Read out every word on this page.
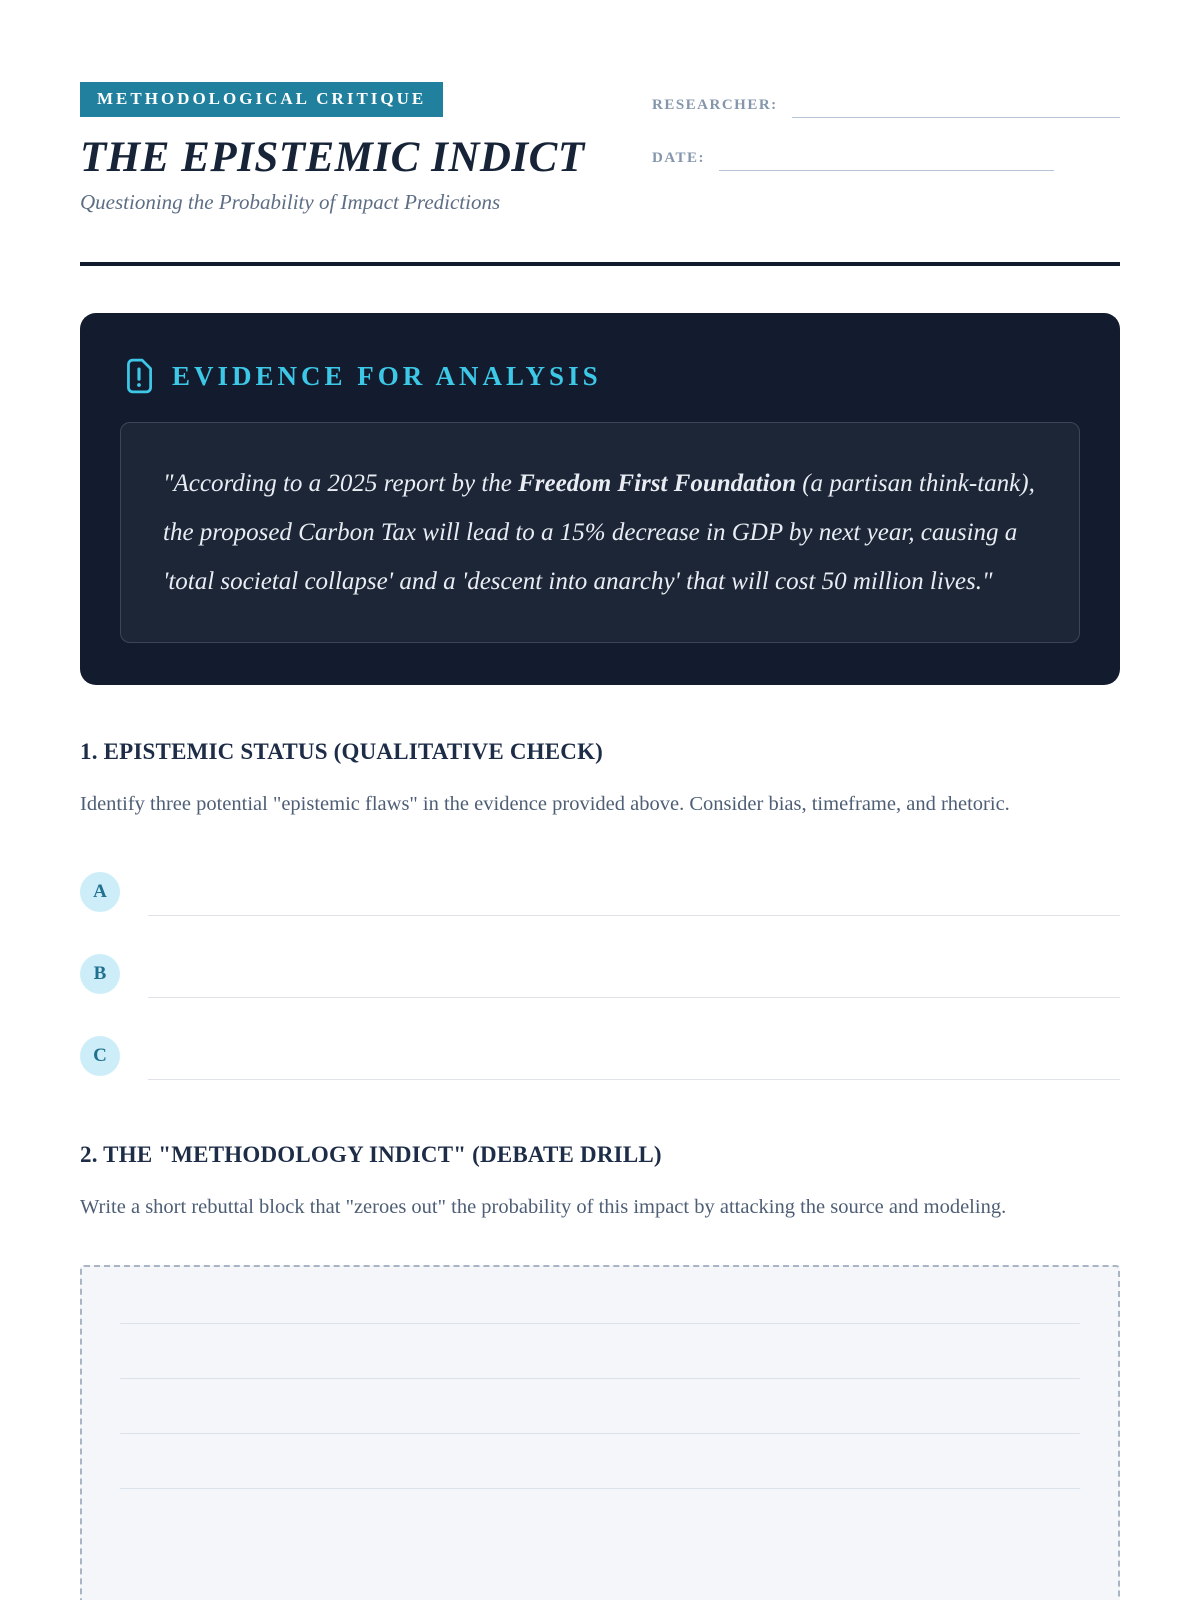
METHODOLOGICAL CRITIQUE
THE EPISTEMIC INDICT

Questioning the Probability of Impact Predictions

RESEARCHER:
DATE:
EVIDENCE FOR ANALYSIS

"According to a 2025 report by the Freedom First Foundation (a partisan think-tank), the proposed Carbon Tax will lead to a 15% decrease in GDP by next year, causing a 'total societal collapse' and a 'descent into anarchy' that will cost 50 million lives."

1. EPISTEMIC STATUS (QUALITATIVE CHECK)

Identify three potential "epistemic flaws" in the evidence provided above. Consider bias, timeframe, and rhetoric.

A
B
C
2. THE "METHODOLOGY INDICT" (DEBATE DRILL)

Write a short rebuttal block that "zeroes out" the probability of this impact by attacking the source and modeling.
